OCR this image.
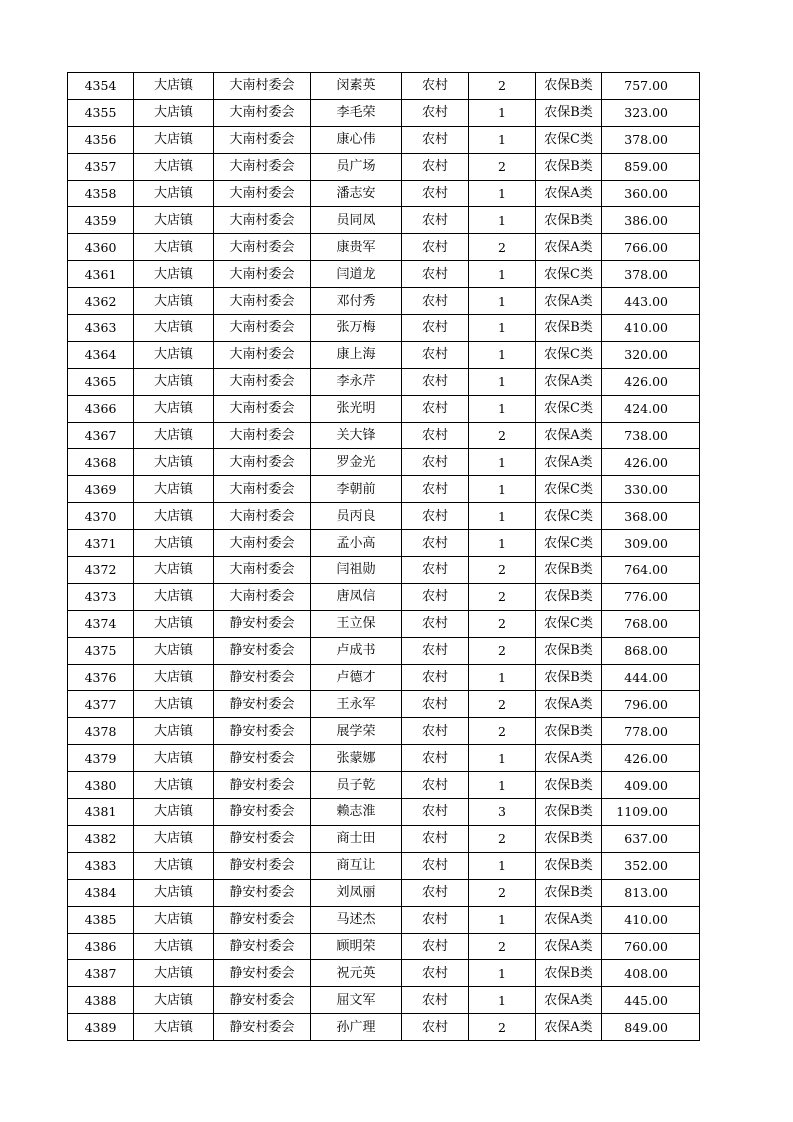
4354	大店镇	大南村委会	闵素英	农村	2	农保B类	757.00
4355	大店镇	大南村委会	李毛荣	农村	1	农保B类	323.00
4356	大店镇	大南村委会	康心伟	农村	1	农保C类	378.00
4357	大店镇	大南村委会	员广场	农村	2	农保B类	859.00
4358	大店镇	大南村委会	潘志安	农村	1	农保A类	360.00
4359	大店镇	大南村委会	员同凤	农村	1	农保B类	386.00
4360	大店镇	大南村委会	康贵军	农村	2	农保A类	766.00
4361	大店镇	大南村委会	闫道龙	农村	1	农保C类	378.00
4362	大店镇	大南村委会	邓付秀	农村	1	农保A类	443.00
4363	大店镇	大南村委会	张万梅	农村	1	农保B类	410.00
4364	大店镇	大南村委会	康上海	农村	1	农保C类	320.00
4365	大店镇	大南村委会	李永芹	农村	1	农保A类	426.00
4366	大店镇	大南村委会	张光明	农村	1	农保C类	424.00
4367	大店镇	大南村委会	关大锋	农村	2	农保A类	738.00
4368	大店镇	大南村委会	罗金光	农村	1	农保A类	426.00
4369	大店镇	大南村委会	李朝前	农村	1	农保C类	330.00
4370	大店镇	大南村委会	员丙良	农村	1	农保C类	368.00
4371	大店镇	大南村委会	孟小高	农村	1	农保C类	309.00
4372	大店镇	大南村委会	闫祖勋	农村	2	农保B类	764.00
4373	大店镇	大南村委会	唐凤信	农村	2	农保B类	776.00
4374	大店镇	静安村委会	王立保	农村	2	农保C类	768.00
4375	大店镇	静安村委会	卢成书	农村	2	农保B类	868.00
4376	大店镇	静安村委会	卢德才	农村	1	农保B类	444.00
4377	大店镇	静安村委会	王永军	农村	2	农保A类	796.00
4378	大店镇	静安村委会	展学荣	农村	2	农保B类	778.00
4379	大店镇	静安村委会	张蒙娜	农村	1	农保A类	426.00
4380	大店镇	静安村委会	员子乾	农村	1	农保B类	409.00
4381	大店镇	静安村委会	赖志淮	农村	3	农保B类	1109.00
4382	大店镇	静安村委会	商士田	农村	2	农保B类	637.00
4383	大店镇	静安村委会	商互让	农村	1	农保B类	352.00
4384	大店镇	静安村委会	刘凤丽	农村	2	农保B类	813.00
4385	大店镇	静安村委会	马述杰	农村	1	农保A类	410.00
4386	大店镇	静安村委会	顾明荣	农村	2	农保A类	760.00
4387	大店镇	静安村委会	祝元英	农村	1	农保B类	408.00
4388	大店镇	静安村委会	屈文军	农村	1	农保A类	445.00
4389	大店镇	静安村委会	孙广理	农村	2	农保A类	849.00
